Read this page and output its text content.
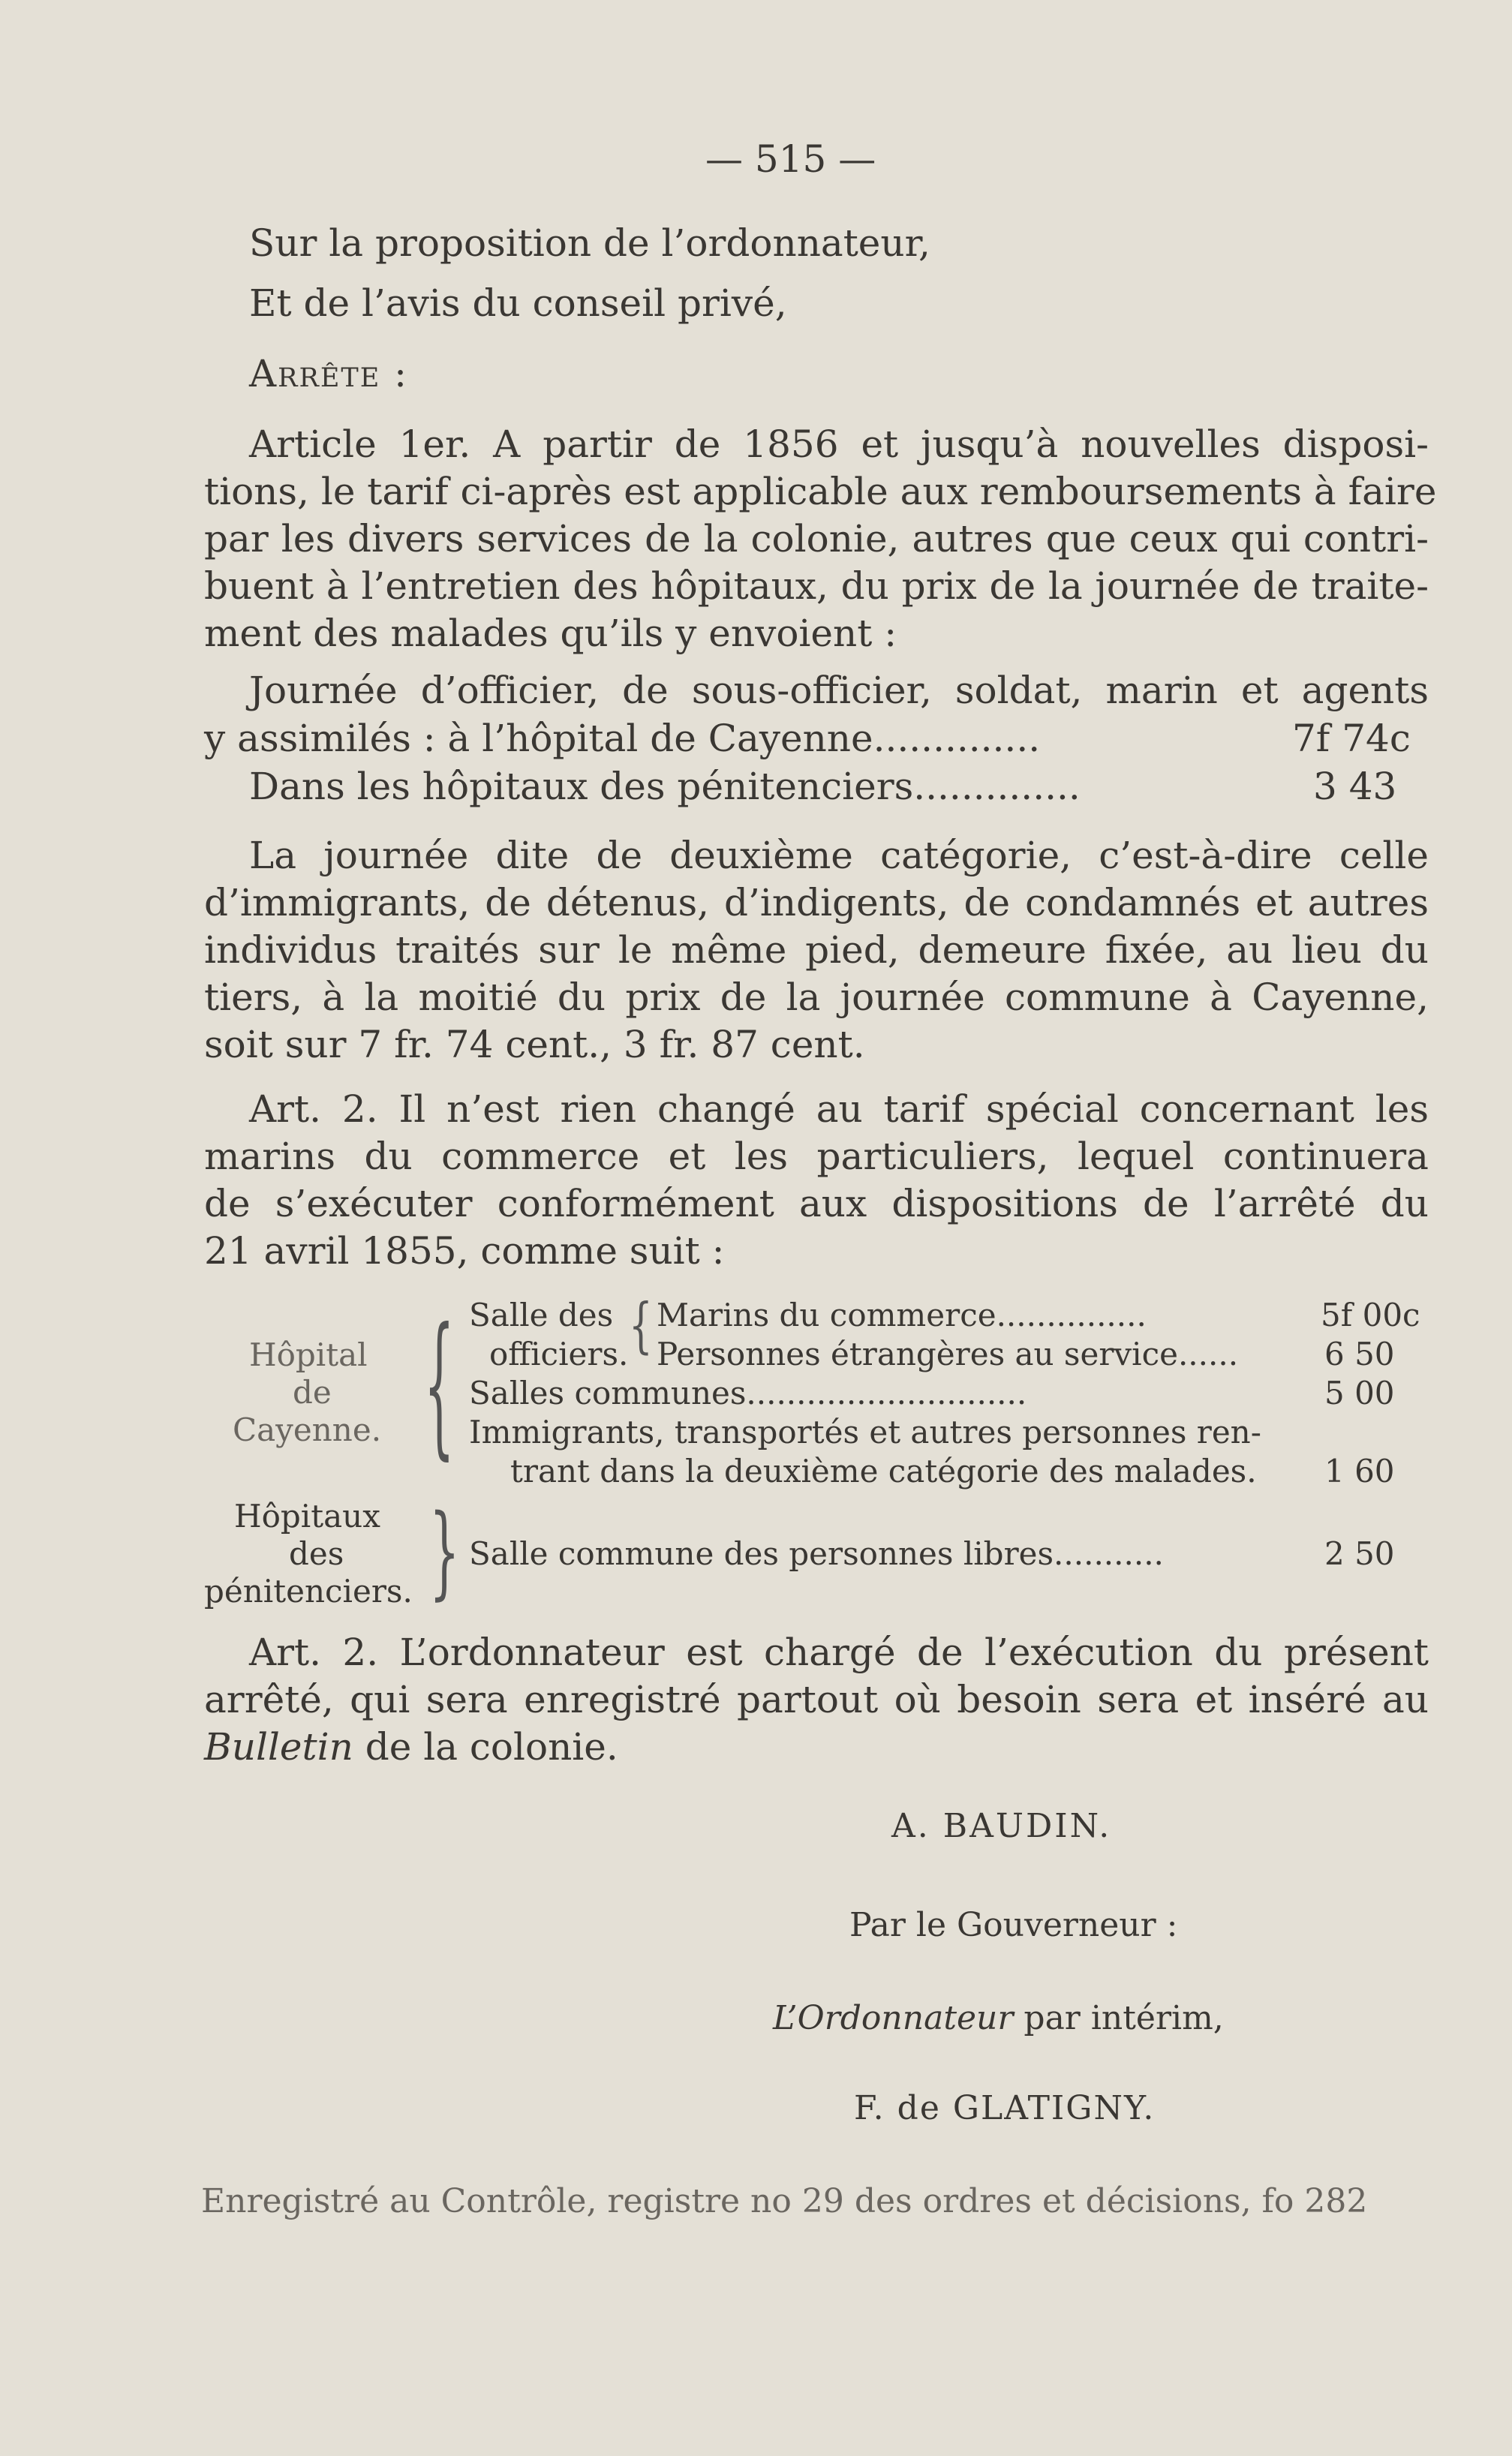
— 515 —
Sur la proposition de l’ordonnateur,
Et de l’avis du conseil privé,
Arrête :
Article 1er. A partir de 1856 et jusqu’à nouvelles disposi-
tions, le tarif ci-après est applicable aux remboursements à faire
par les divers services de la colonie, autres que ceux qui contri-
buent à l’entretien des hôpitaux, du prix de la journée de traite-
ment des malades qu’ils y envoient :
Journée d’officier, de sous-officier, soldat, marin et agents
y assimilés : à l’hôpital de Cayenne..............	7f 74c
Dans les hôpitaux des pénitenciers..............	3 43
La journée dite de deuxième catégorie, c’est-à-dire celle
d’immigrants, de détenus, d’indigents, de condamnés et autres
individus traités sur le même pied, demeure fixée, au lieu du
tiers, à la moitié du prix de la journée commune à Cayenne,
soit sur 7 fr. 74 cent., 3 fr. 87 cent.
Art. 2. Il n’est rien changé au tarif spécial concernant les
marins du commerce et les particuliers, lequel continuera
de s’exécuter conformément aux dispositions de l’arrêté du
21 avril 1855, comme suit :
Hôpital
de
Cayenne. { Salle des
officiers. { Marins du commerce...............	5f 00c
Personnes étrangères au service......	6 50
Salles communes............................	5 00
Immigrants, transportés et autres personnes ren-
trant dans la deuxième catégorie des malades. 1 60
Hôpitaux
des
pénitenciers. } Salle commune des personnes libres...........	2 50
Art. 2. L’ordonnateur est chargé de l’exécution du présent
arrêté, qui sera enregistré partout où besoin sera et inséré au
Bulletin de la colonie.
A. BAUDIN.
Par le Gouverneur :
L’Ordonnateur par intérim,
F. de GLATIGNY.
Enregistré au Contrôle, registre no 29 des ordres et décisions, fo 282
